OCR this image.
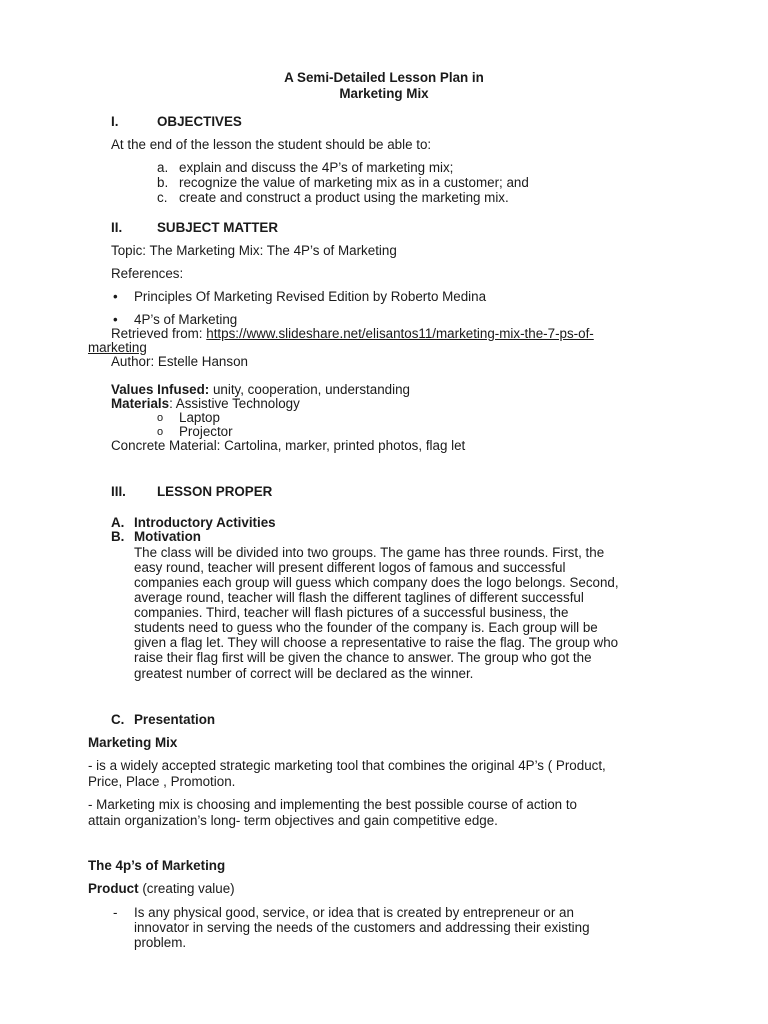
A Semi-Detailed Lesson Plan in
Marketing Mix
I.	OBJECTIVES
At the end of the lesson the student should be able to:
a. explain and discuss the 4P’s of marketing mix;
b. recognize the value of marketing mix as in a customer; and
c. create and construct a product using the marketing mix.
II.	SUBJECT MATTER
Topic: The Marketing Mix: The 4P’s of Marketing
References:
• Principles Of Marketing Revised Edition by Roberto Medina
• 4P’s of Marketing
Retrieved from: https://www.slideshare.net/elisantos11/marketing-mix-the-7-ps-of-
marketing
Author: Estelle Hanson
Values Infused: unity, cooperation, understanding
Materials: Assistive Technology
o Laptop
o Projector
Concrete Material: Cartolina, marker, printed photos, flag let
III. LESSON PROPER
A. Introductory Activities
B. Motivation
The class will be divided into two groups. The game has three rounds. First, the
easy round, teacher will present different logos of famous and successful
companies each group will guess which company does the logo belongs. Second,
average round, teacher will flash the different taglines of different successful
companies. Third, teacher will flash pictures of a successful business, the
students need to guess who the founder of the company is. Each group will be
given a flag let. They will choose a representative to raise the flag. The group who
raise their flag first will be given the chance to answer. The group who got the
greatest number of correct will be declared as the winner.
C. Presentation
Marketing Mix
- is a widely accepted strategic marketing tool that combines the original 4P’s ( Product,
Price, Place , Promotion.
- Marketing mix is choosing and implementing the best possible course of action to
attain organization’s long- term objectives and gain competitive edge.
The 4p’s of Marketing
Product (creating value)
- Is any physical good, service, or idea that is created by entrepreneur or an
innovator in serving the needs of the customers and addressing their existing
problem.
